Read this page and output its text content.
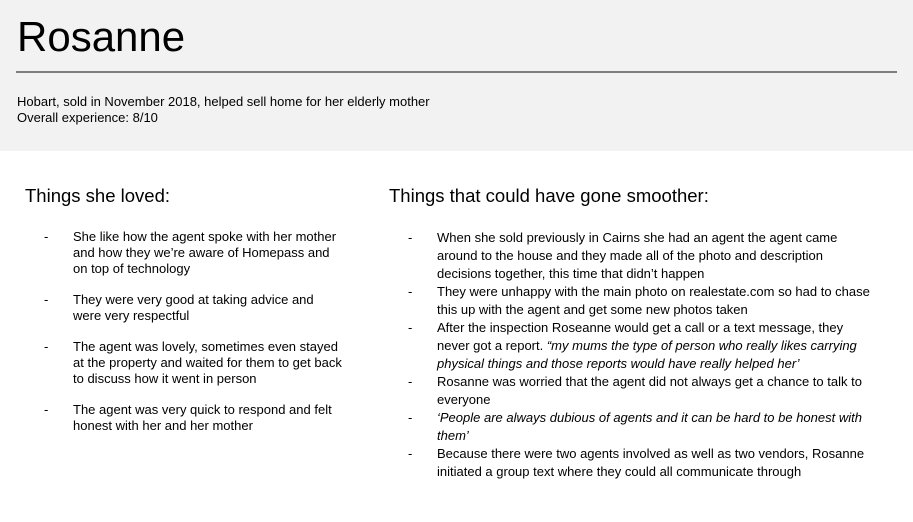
Rosanne
Hobart, sold in November 2018, helped sell home for her elderly mother
Overall experience: 8/10
Things she loved:
- She like how the agent spoke with her mother and how they we’re aware of Homepass and on top of technology
- They were very good at taking advice and were very respectful
- The agent was lovely, sometimes even stayed at the property and waited for them to get back to discuss how it went in person
- The agent was very quick to respond and felt honest with her and her mother
Things that could have gone smoother:
- When she sold previously in Cairns she had an agent the agent came around to the house and they made all of the photo and description decisions together, this time that didn’t happen
- They were unhappy with the main photo on realestate.com so had to chase this up with the agent and get some new photos taken
- After the inspection Roseanne would get a call or a text message, they never got a report. “my mums the type of person who really likes carrying physical things and those reports would have really helped her’
- Rosanne was worried that the agent did not always get a chance to talk to everyone
- ‘People are always dubious of agents and it can be hard to be honest with them’
- Because there were two agents involved as well as two vendors, Rosanne initiated a group text where they could all communicate through
